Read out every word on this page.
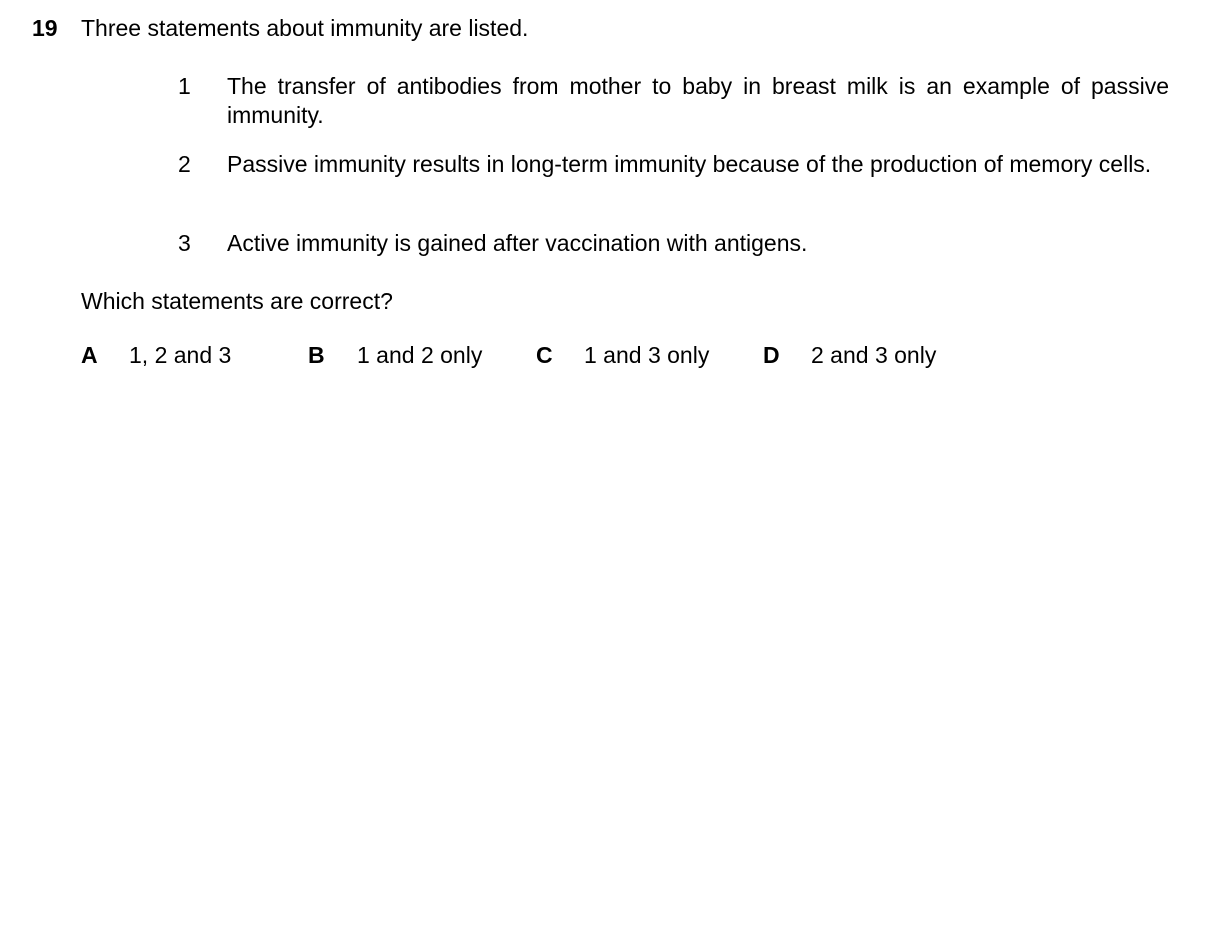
19 Three statements about immunity are listed.
1 The transfer of antibodies from mother to baby in breast milk is an example of passive immunity.
2 Passive immunity results in long-term immunity because of the production of memory cells.
3 Active immunity is gained after vaccination with antigens.
Which statements are correct?
A 1, 2 and 3	B 1 and 2 only C 1 and 3 only D 2 and 3 only
